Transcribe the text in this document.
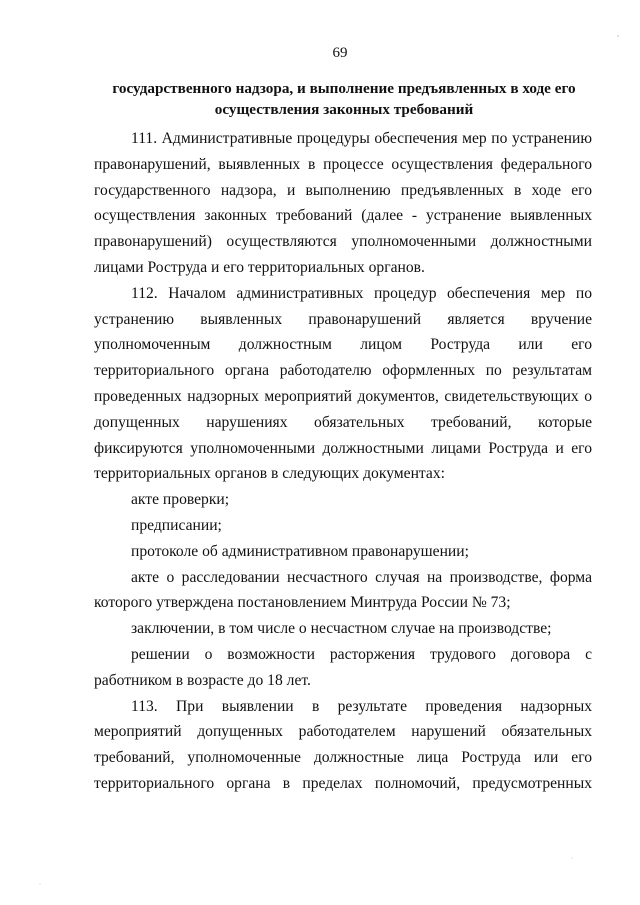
69
государственного надзора, и выполнение предъявленных в ходе его
осуществления законных требований

111. Административные процедуры обеспечения мер по устранению правонарушений, выявленных в процессе осуществления федерального государственного надзора, и выполнению предъявленных в ходе его осуществления законных требований (далее - устранение выявленных правонарушений) осуществляются уполномоченными должностными лицами Роструда и его территориальных органов.

112. Началом административных процедур обеспечения мер по устранению выявленных правонарушений является вручение уполномоченным должностным лицом Роструда или его территориального органа работодателю оформленных по результатам проведенных надзорных мероприятий документов, свидетельствующих о допущенных нарушениях обязательных требований, которые фиксируются уполномоченными должностными лицами Роструда и его территориальных органов в следующих документах:

акте проверки;

предписании;

протоколе об административном правонарушении;

акте о расследовании несчастного случая на производстве, форма которого утверждена постановлением Минтруда России № 73;

заключении, в том числе о несчастном случае на производстве;

решении о возможности расторжения трудового договора с работником в возрасте до 18 лет.

113. При выявлении в результате проведения надзорных мероприятий допущенных работодателем нарушений обязательных требований, уполномоченные должностные лица Роструда или его территориального органа в пределах полномочий, предусмотренных
